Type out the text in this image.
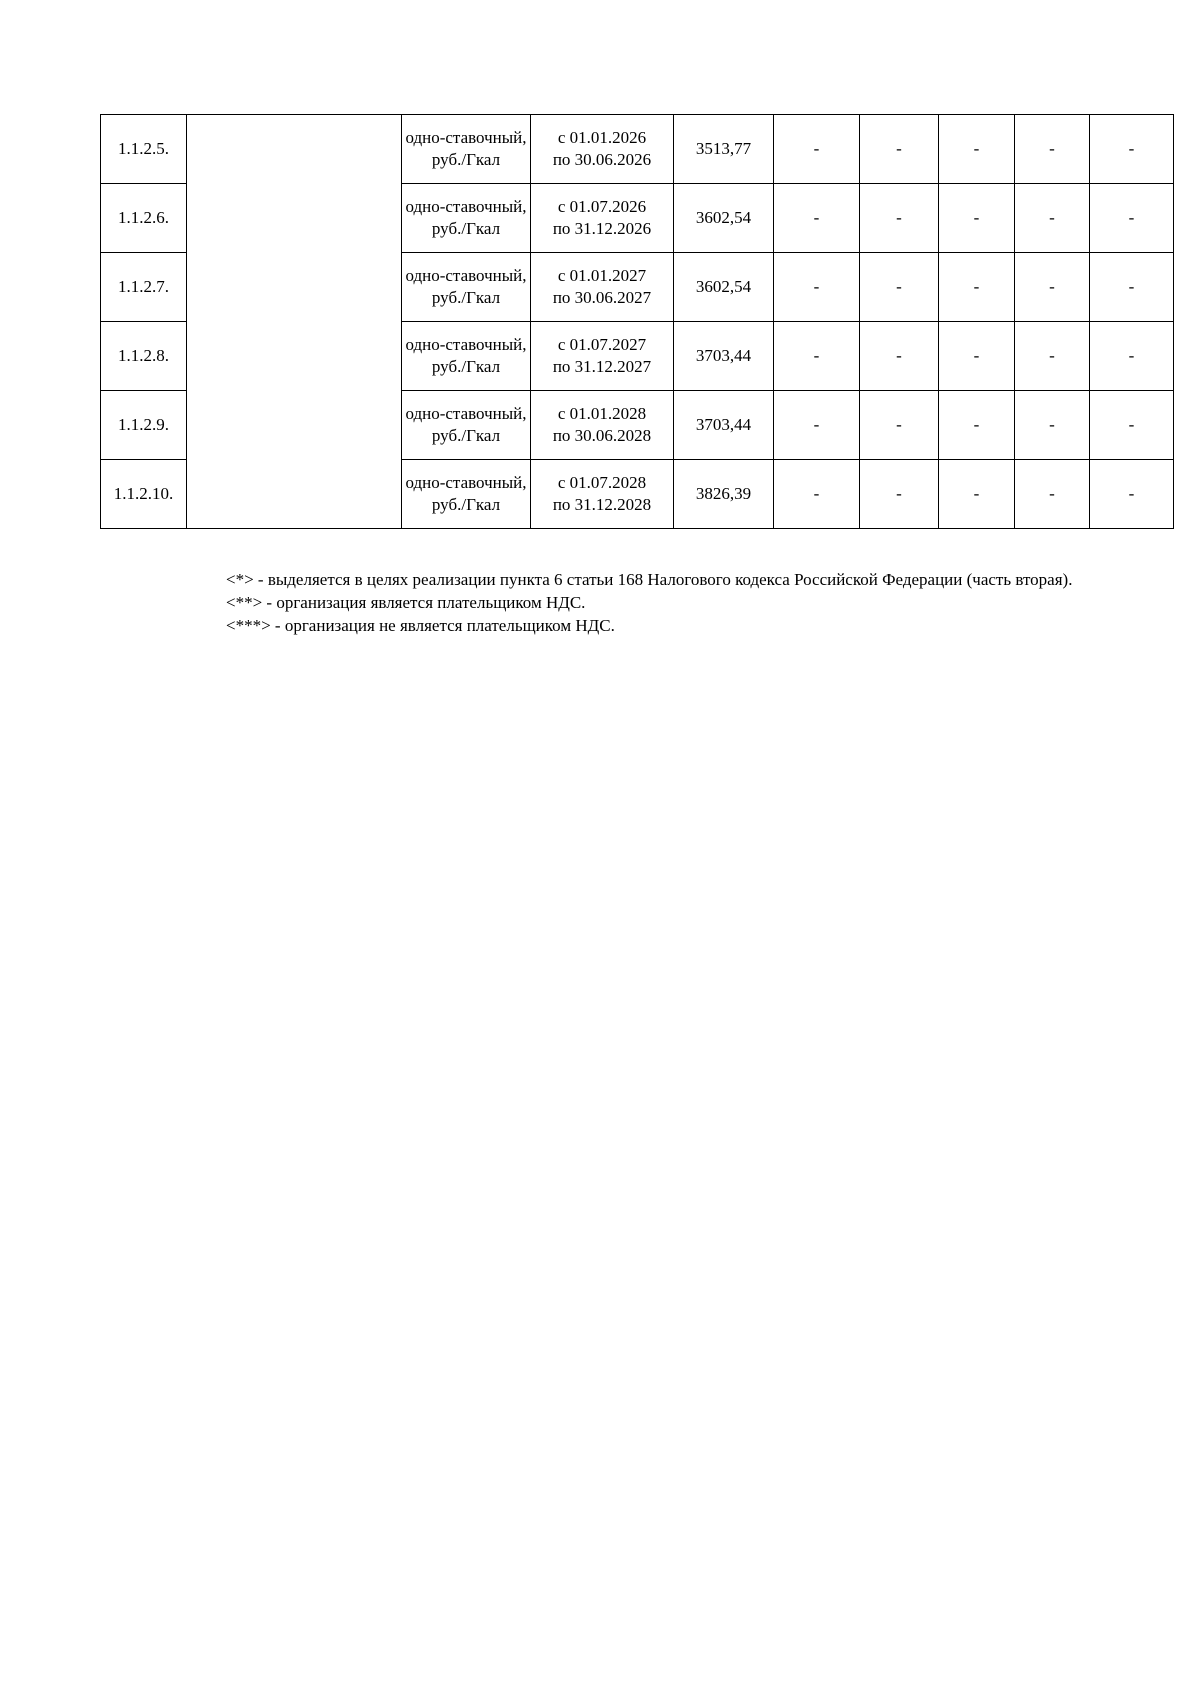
1.1.2.5.		одно-ставочный, руб./Гкал	с 01.01.2026
по 30.06.2026	3513,77	-	-	-	-	-
1.1.2.6.		одно-ставочный, руб./Гкал	с 01.07.2026
по 31.12.2026	3602,54	-	-	-	-	-
1.1.2.7.		одно-ставочный, руб./Гкал	с 01.01.2027
по 30.06.2027	3602,54	-	-	-	-	-
1.1.2.8.		одно-ставочный, руб./Гкал	с 01.07.2027
по 31.12.2027	3703,44	-	-	-	-	-
1.1.2.9.		одно-ставочный, руб./Гкал	с 01.01.2028
по 30.06.2028	3703,44	-	-	-	-	-
1.1.2.10.		одно-ставочный, руб./Гкал	с 01.07.2028
по 31.12.2028	3826,39	-	-	-	-	-

<*> - выделяется в целях реализации пункта 6 статьи 168 Налогового кодекса Российской Федерации (часть вторая).

<**> - организация является плательщиком НДС.

<***> - организация не является плательщиком НДС.
